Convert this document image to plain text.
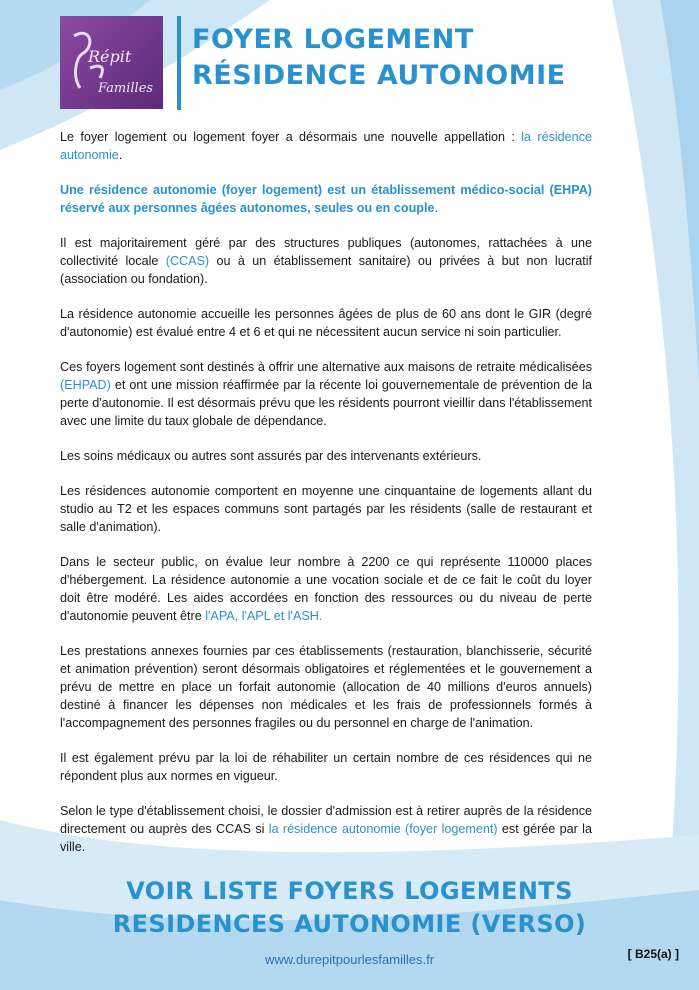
Répit
Familles
FOYER LOGEMENT
RÉSIDENCE AUTONOMIE

Le foyer logement ou logement foyer a désormais une nouvelle appellation : la résidence autonomie.

Une résidence autonomie (foyer logement) est un établissement médico-social (EHPA) réservé aux personnes âgées autonomes, seules ou en couple.

Il est majoritairement géré par des structures publiques (autonomes, rattachées à une collectivité locale (CCAS) ou à un établissement sanitaire) ou privées à but non lucratif (association ou fondation).

La résidence autonomie accueille les personnes âgées de plus de 60 ans dont le GIR (degré d'autonomie) est évalué entre 4 et 6 et qui ne nécessitent aucun service ni soin particulier.

Ces foyers logement sont destinés à offrir une alternative aux maisons de retraite médicalisées (EHPAD) et ont une mission réaffirmée par la récente loi gouvernementale de prévention de la perte d'autonomie. Il est désormais prévu que les résidents pourront vieillir dans l'établissement avec une limite du taux globale de dépendance.

Les soins médicaux ou autres sont assurés par des intervenants extérieurs.

Les résidences autonomie comportent en moyenne une cinquantaine de logements allant du studio au T2 et les espaces communs sont partagés par les résidents (salle de restaurant et salle d'animation).

Dans le secteur public, on évalue leur nombre à 2200 ce qui représente 110000 places d'hébergement. La résidence autonomie a une vocation sociale et de ce fait le coût du loyer doit être modéré. Les aides accordées en fonction des ressources ou du niveau de perte d'autonomie peuvent être l'APA, l'APL et l'ASH.

Les prestations annexes fournies par ces établissements (restauration, blanchisserie, sécurité et animation prévention) seront désormais obligatoires et réglementées et le gouvernement a prévu de mettre en place un forfait autonomie (allocation de 40 millions d'euros annuels) destiné à financer les dépenses non médicales et les frais de professionnels formés à l'accompagnement des personnes fragiles ou du personnel en charge de l'animation.

Il est également prévu par la loi de réhabiliter un certain nombre de ces résidences qui ne répondent plus aux normes en vigueur.

Selon le type d'établissement choisi, le dossier d'admission est à retirer auprès de la résidence directement ou auprès des CCAS si la résidence autonomie (foyer logement) est gérée par la ville.

VOIR LISTE FOYERS LOGEMENTS
RESIDENCES AUTONOMIE (VERSO)
www.durepitpourlesfamilles.fr	[ B25(a) ]
